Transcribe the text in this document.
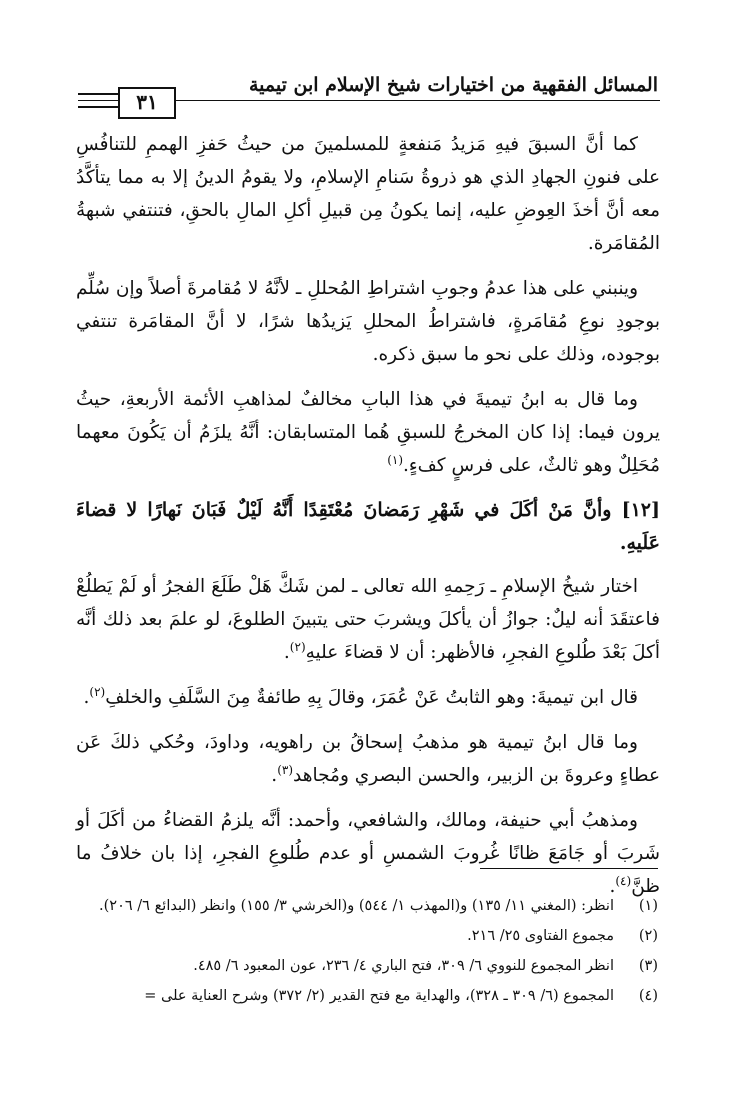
المسائل الفقهية من اختيارات شيخ الإسلام ابن تيمية
٣١

كما أنَّ السبقَ فيهِ مَزيدُ مَنفعةٍ للمسلمينَ من حيثُ حَفزِ الهممِ للتنافُسِ على فنونِ الجهادِ الذي هو ذروةُ سَنامِ الإسلامِ، ولا يقومُ الدينُ إلا به مما يتأكَّدُ معه أنَّ أخذَ العِوضِ عليه، إنما يكونُ مِن قبيلِ أكلِ المالِ بالحقِ، فتنتفي شبهةُ المُقامَرة.

وينبني على هذا عدمُ وجوبِ اشتراطِ المُحللِ ـ لأنَّهُ لا مُقامرةَ أصلاً وإن سُلِّم بوجودِ نوعِ مُقامَرةٍ، فاشتراطُ المحللِ يَزيدُها شرًا، لا أنَّ المقامَرة تنتفي بوجوده، وذلك على نحو ما سبق ذكره.

وما قال به ابنُ تيميةَ في هذا البابِ مخالفٌ لمذاهبِ الأئمة الأربعةِ، حيثُ يرون فيما: إذا كان المخرجُ للسبقِ هُما المتسابقان: أنَّهُ يلزَمُ أن يَكُونَ معهما مُحَلِلٌ وهو ثالثٌ، على فرسٍ كفءٍ.$^{(١)}$

[١٢] وأنَّ مَنْ أكَلَ في شَهْرِ رَمَضانَ مُعْتَقِدًا أَنَّهُ لَيْلٌ فَبَانَ نَهارًا لا قضاءَ عَلَيهِ.

اختار شيخُ الإسلامِ ـ رَحِمهِ الله تعالى ـ لمن شَكَّ هَلْ طَلَعَ الفجرُ أو لَمْ يَطلُعْ فاعتقَدَ أنه ليلٌ: جوازُ أن يأكلَ ويشربَ حتى يتبينَ الطلوعَ، لو علمَ بعد ذلك أنَّه أكلَ بَعْدَ طُلوعِ الفجرِ، فالأظهر: أن لا قضاءَ عليهِ$^{(٢)}$.

قال ابن تيميةَ: وهو الثابتُ عَنْ عُمَرَ، وقالَ بِهِ طائفةٌ مِنَ السَّلَفِ والخلفِ$^{(٢)}$.

وما قال ابنُ تيمية هو مذهبُ إسحاقُ بن راهويه، وداودَ، وحُكي ذلكَ عَن عطاءٍ وعروةَ بن الزبير، والحسن البصري ومُجاهد$^{(٣)}$.

ومذهبُ أبي حنيفة، ومالك، والشافعي، وأحمد: أنَّه يلزمُ القضاءُ من أكَلَ أو شَربَ أو جَامَعَ ظانًا غُروبَ الشمسِ أو عدم طُلوعِ الفجرِ، إذا بان خلافُ ما ظنَّ$^{(٤)}$.

(١)
انظر: (المغني ١١/ ١٣٥) و(المهذب ١/ ٥٤٤) و(الخرشي ٣/ ١٥٥) وانظر (البدائع ٦/ ٢٠٦).
(٢)
مجموع الفتاوى ٢٥/ ٢١٦.
(٣)
انظر المجموع للنووي ٦/ ٣٠٩، فتح الباري ٤/ ٢٣٦، عون المعبود ٦/ ٤٨٥.
(٤)
المجموع (٦/ ٣٠٩ ـ ٣٢٨)، والهداية مع فتح القدير (٢/ ٣٧٢) وشرح العناية على =
